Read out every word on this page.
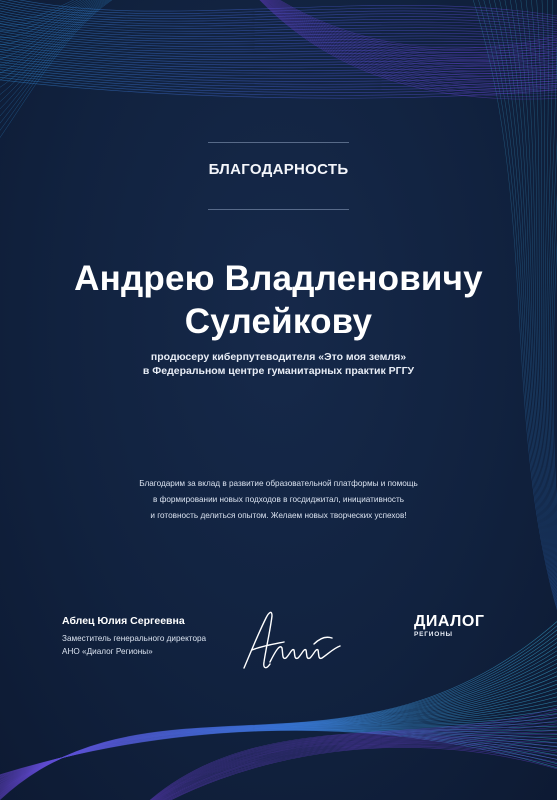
БЛАГОДАРНОСТЬ
Андрею Владленовичу
Сулейкову
продюсеру киберпутеводителя «Это моя земля»
в Федеральном центре гуманитарных практик РГГУ
Благодарим за вклад в развитие образовательной платформы и помощь
в формировании новых подходов в госдиджитал, инициативность
и готовность делиться опытом. Желаем новых творческих успехов!
Аблец Юлия Сергеевна
Заместитель генерального директора
АНО «Диалог Регионы»
ДИАЛОГ
РЕГИОНЫ
